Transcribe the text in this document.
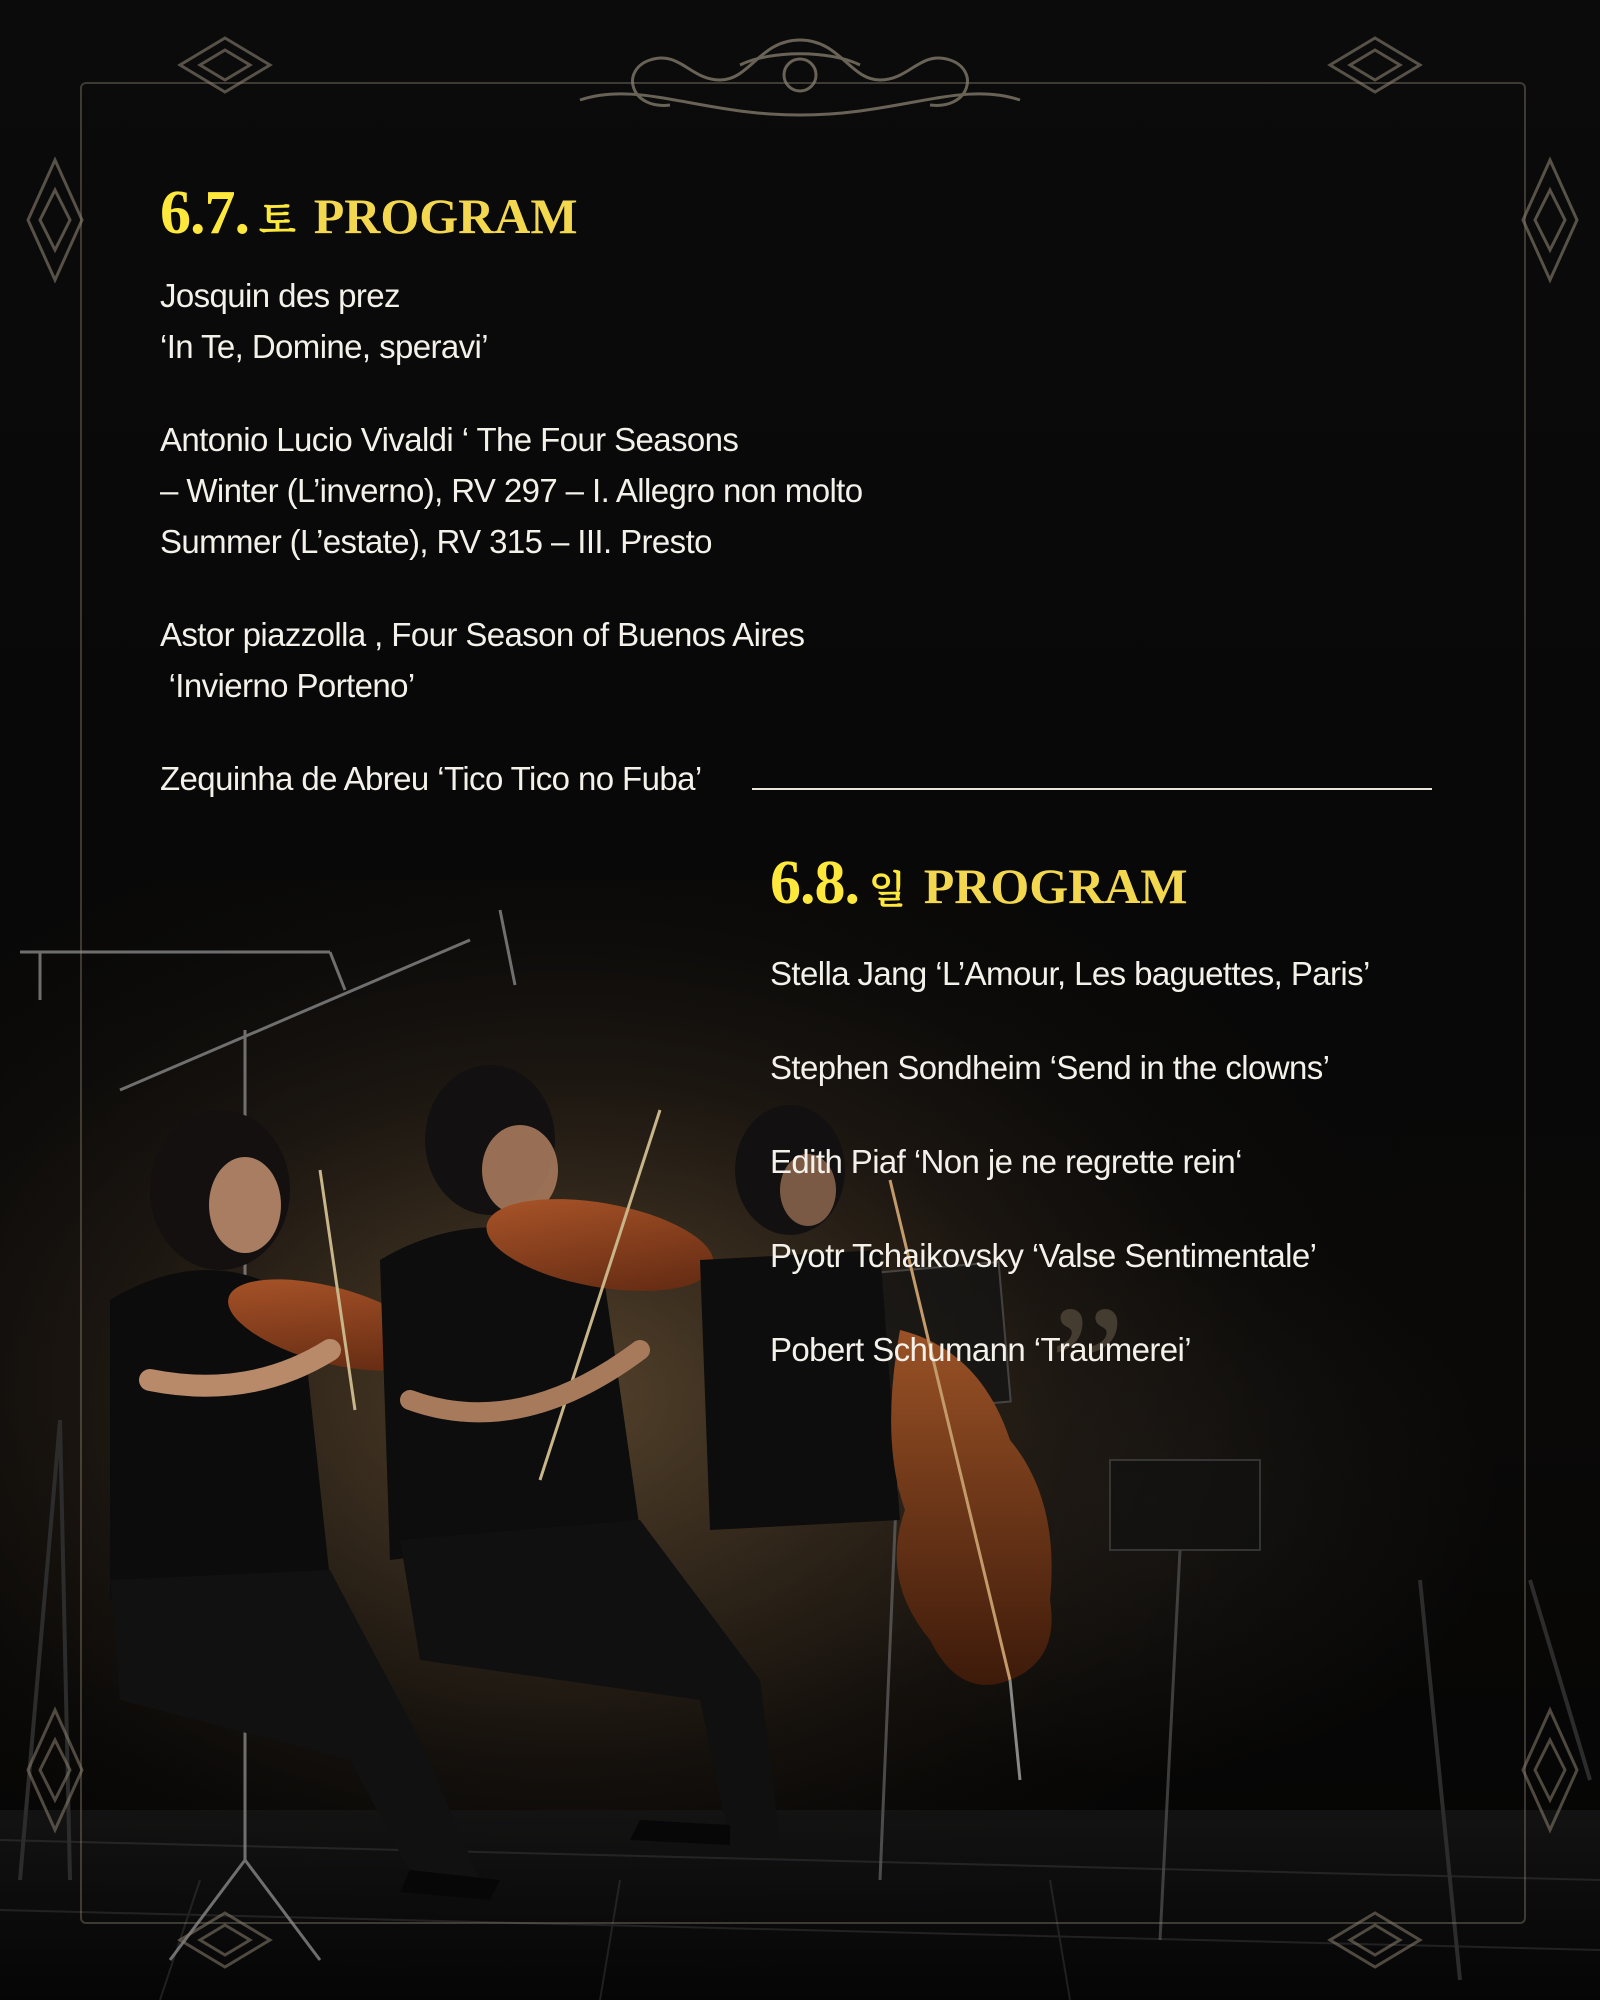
6.7. 토 PROGRAM
Josquin des prez
‘In Te, Domine, speravi’
Antonio Lucio Vivaldi ‘ The Four Seasons
– Winter (L’inverno), RV 297 – I. Allegro non molto
Summer (L’estate), RV 315 – III. Presto
Astor piazzolla , Four Season of Buenos Aires
‘Invierno Porteno’
Zequinha de Abreu ‘Tico Tico no Fuba’
6.8. 일 PROGRAM
”
Stella Jang ‘L’Amour, Les baguettes, Paris’
Stephen Sondheim ‘Send in the clowns’
Edith Piaf ‘Non je ne regrette rein‘
Pyotr Tchaikovsky ‘Valse Sentimentale’
Pobert Schumann ‘Traumerei’
